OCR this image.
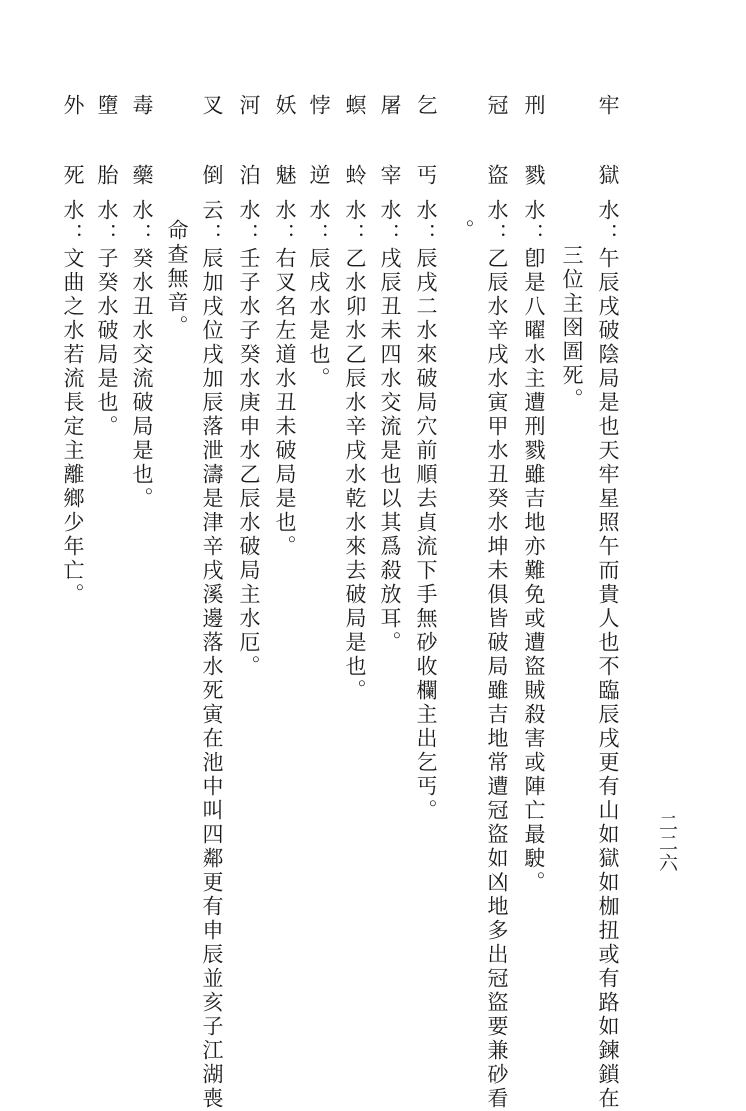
二二六
牢　獄水：午辰戌破陰局是也天牢星照午而貴人也不臨辰戌更有山如獄如枷扭或有路如鍊鎖在
三位主囹圄死。
刑　戮水：卽是八曜水主遭刑戮雖吉地亦難免或遭盜賊殺害或陣亡最駛。
冠　盜水：乙辰水辛戌水寅甲水丑癸水坤未俱皆破局雖吉地常遭冠盜如凶地多出冠盜要兼砂看
。
乞　丐水：辰戌二水來破局穴前順去貞流下手無砂收欄主出乞丐。
屠　宰水：戌辰丑未四水交流是也以其爲殺放耳。
螟　蛉水：乙水卯水乙辰水辛戌水乾水來去破局是也。
悖　逆水：辰戌水是也。
妖　魅水：右叉名左道水丑未破局是也。
河　泊水：壬子水子癸水庚申水乙辰水破局主水厄。
叉　倒云：辰加戌位戌加辰落泄濤是津辛戌溪邊落水死寅在池中叫四鄰更有申辰並亥子江湖喪
命查無音。
毒　藥水：癸水丑水交流破局是也。
墮　胎水：子癸水破局是也。
外　死水：文曲之水若流長定主離鄉少年亡。
